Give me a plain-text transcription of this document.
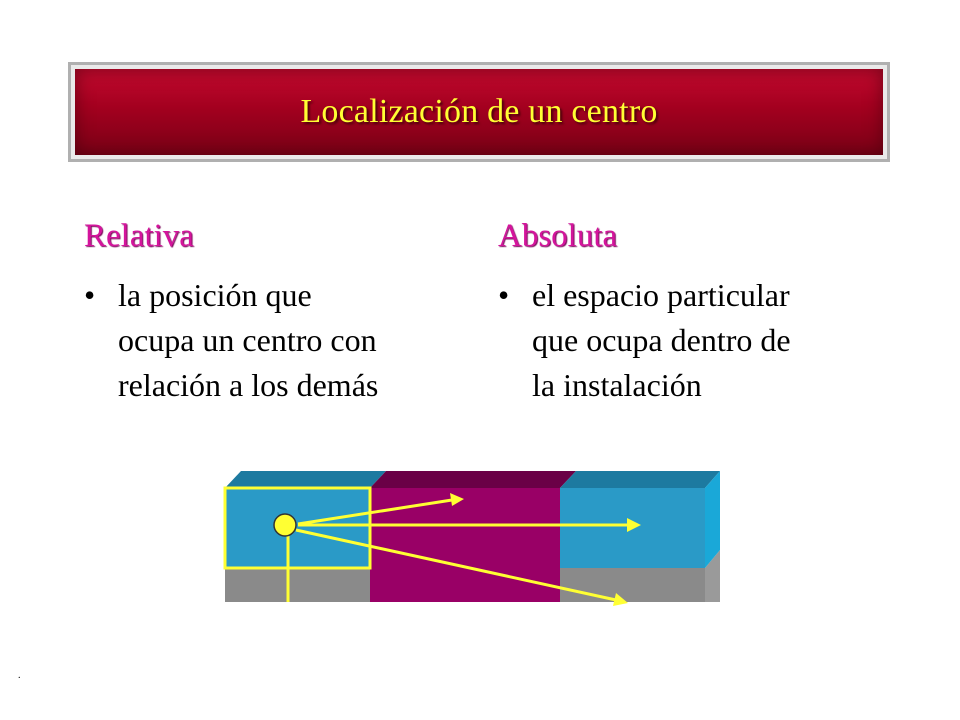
Localización de un centro
Relativa
• la posición que ocupa un centro con relación a los demás
Absoluta
• el espacio particular que ocupa dentro de la instalación
.
